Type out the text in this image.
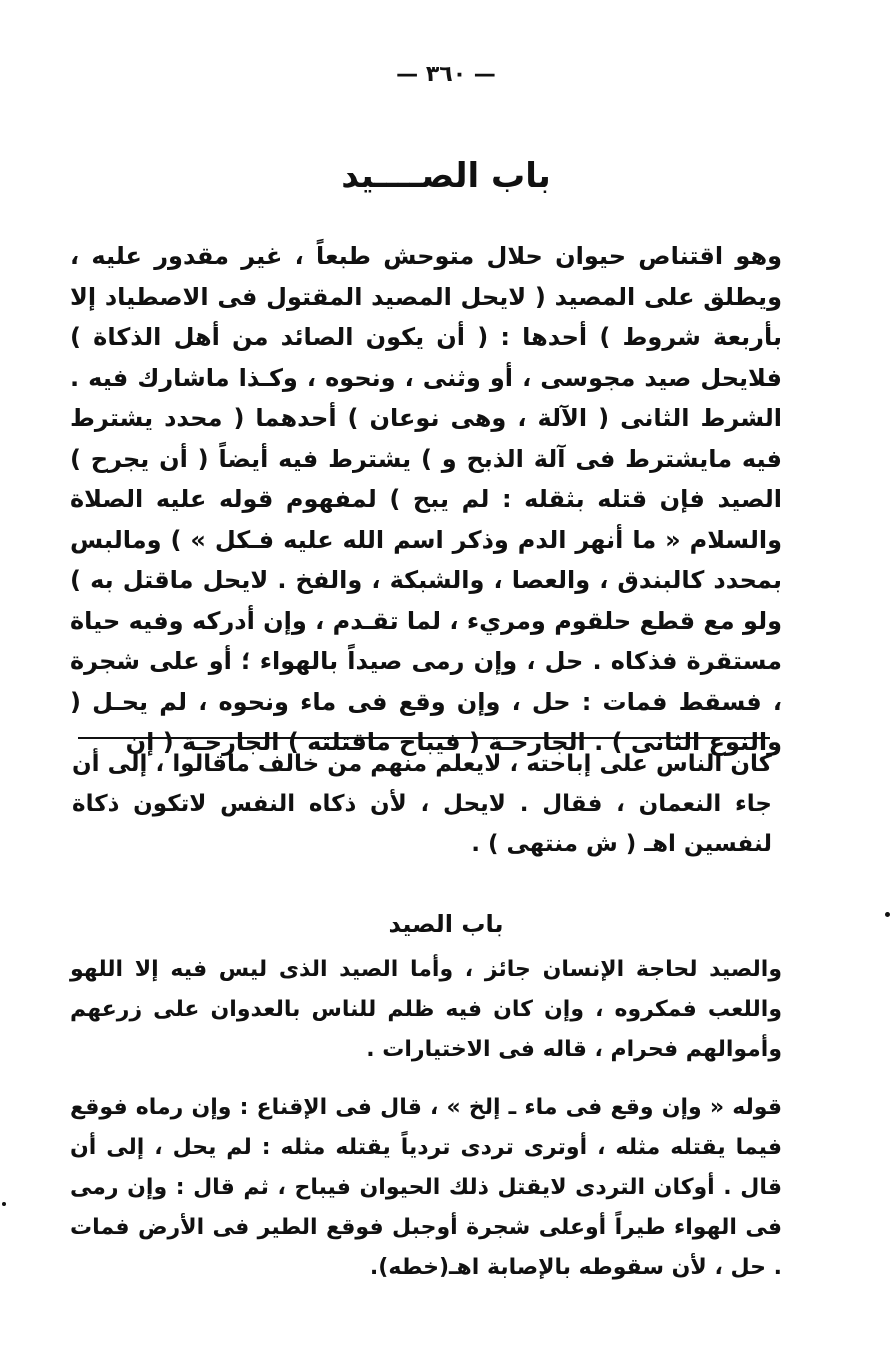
— ٣٦٠ —
باب الصــــيد

وهو اقتناص حيوان حلال متوحش طبعاً ، غير مقدور عليه ، ويطلق على المصيد ( لايحل المصيد المقتول فى الاصطياد إلا بأربعة شروط ) أحدها : ( أن يكون الصائد من أهل الذكاة ) فلايحل صيد مجوسى ، أو وثنى ، ونحوه ، وكـذا ماشارك فيه . الشرط الثانى ( الآلة ، وهى نوعان ) أحدهما ( محدد يشترط فيه مايشترط فى آلة الذبح و ) يشترط فيه أيضاً ( أن يجرح ) الصيد فإن قتله بثقله : لم يبح ) لمفهوم قوله عليه الصلاة والسلام « ما أنهر الدم وذكر اسم الله عليه فـكل » ) ومالبس بمحدد كالبندق ، والعصا ، والشبكة ، والفخ . لايحل ماقتل به ) ولو مع قطع حلقوم ومريء ، لما تقـدم ، وإن أدركه وفيه حياة مستقرة فذكاه . حل ، وإن رمى صيداً بالهواء ؛ أو على شجرة ، فسقط فمات : حل ، وإن وقع فى ماء ونحوه ، لم يحـل ( والنوع الثانى ) . الجارحـة ( فيباح ماقتلته ) الجارحـة ( إن

كان الناس على إباحته ، لايعلم منهم من خالف ماقالوا ، إلى أن جاء النعمان ، فقال . لايحل ، لأن ذكاه النفس لاتكون ذكاة لنفسين اهـ ( ش منتهى ) .

باب الصيد

والصيد لحاجة الإنسان جائز ، وأما الصيد الذى ليس فيه إلا اللهو واللعب فمكروه ، وإن كان فيه ظلم للناس بالعدوان على زرعهم وأموالهم فحرام ، قاله فى الاختيارات .

قوله « وإن وقع فى ماء ـ إلخ » ، قال فى الإقناع : وإن رماه فوقع فيما يقتله مثله ، أوترى تردى تردياً يقتله مثله : لم يحل ، إلى أن قال . أوكان التردى لايقتل ذلك الحيوان فيباح ، ثم قال : وإن رمى فى الهواء طيراً أوعلى شجرة أوجبل فوقع الطير فى الأرض فمات . حل ، لأن سقوطه بالإصابة اهـ(خطه).
